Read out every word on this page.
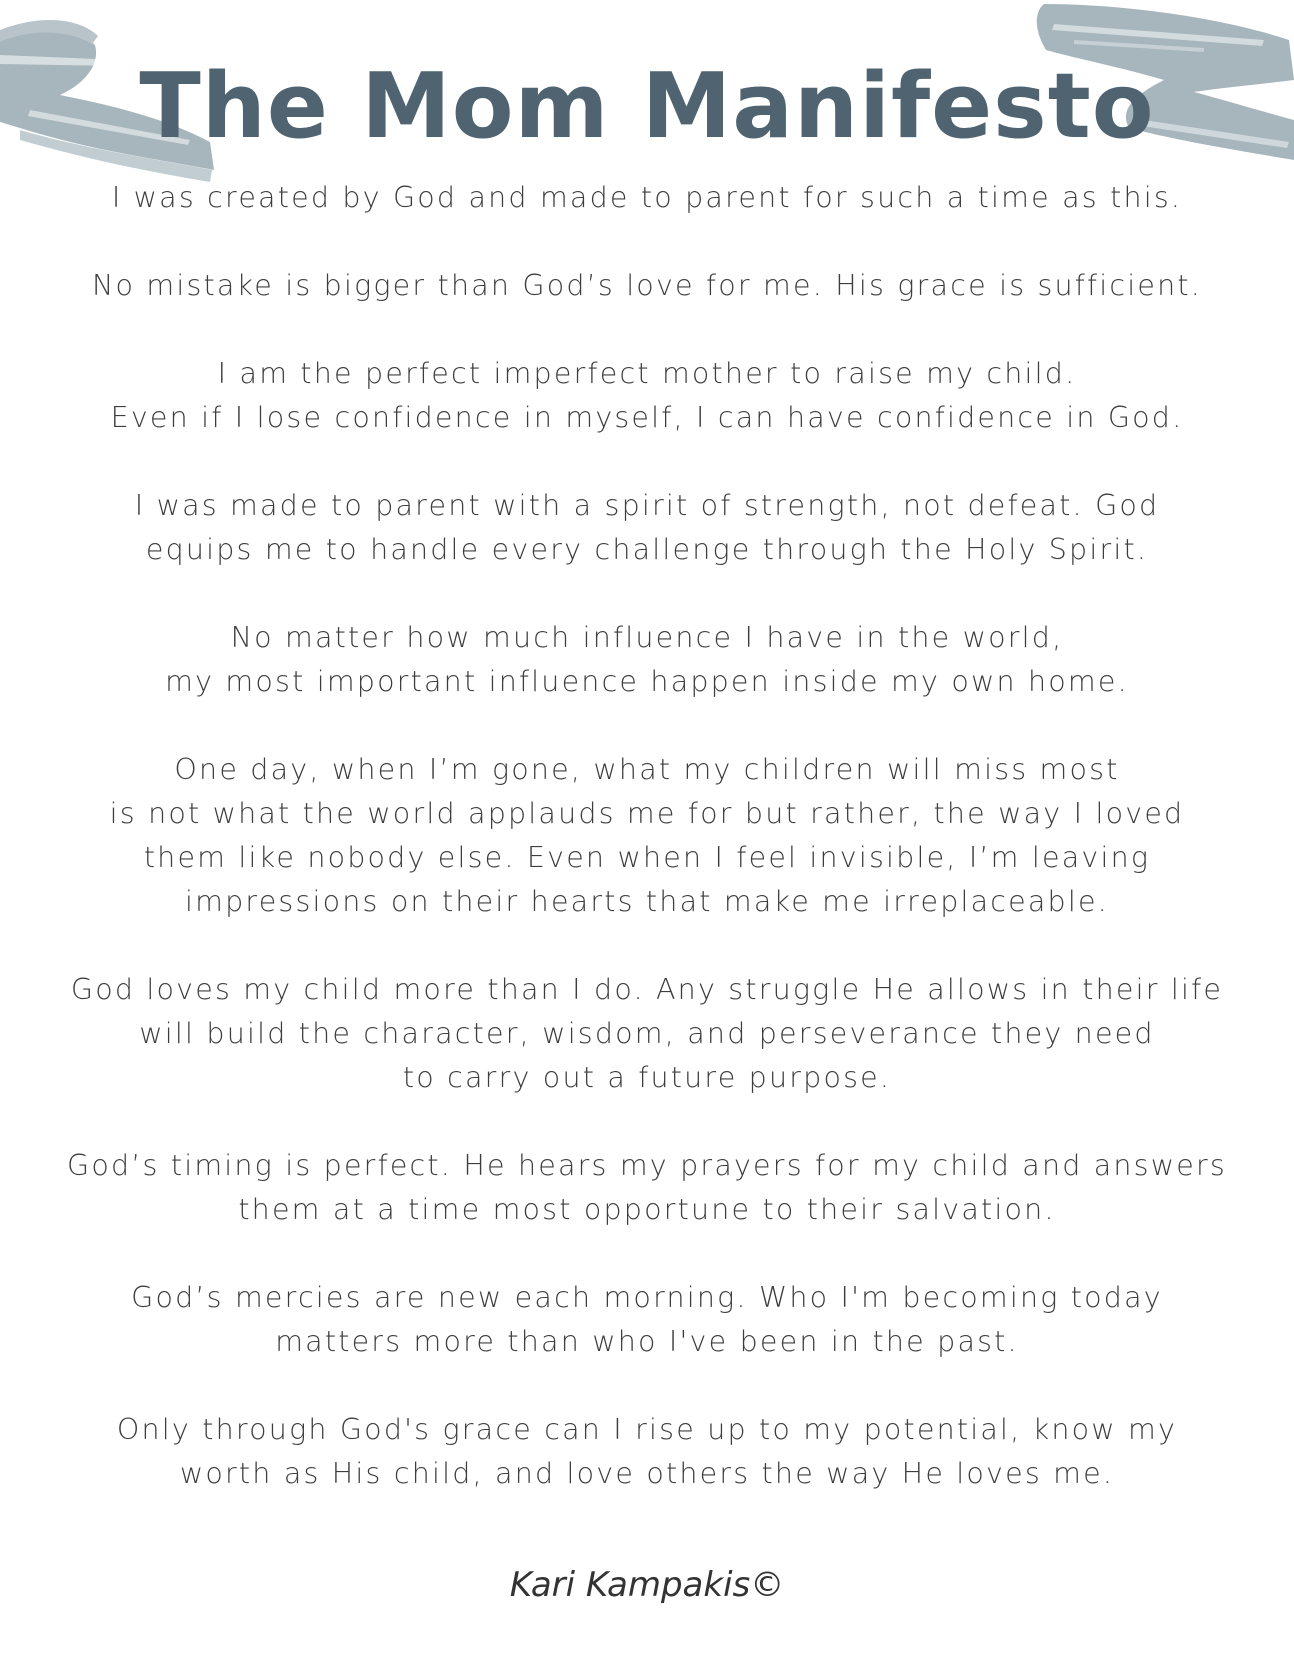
The Mom Manifesto
I was created by God and made to parent for such a time as this.
No mistake is bigger than God’s love for me. His grace is sufficient.
I am the perfect imperfect mother to raise my child.
Even if I lose confidence in myself, I can have confidence in God.
I was made to parent with a spirit of strength, not defeat. God
equips me to handle every challenge through the Holy Spirit.
No matter how much influence I have in the world,
my most important influence happen inside my own home.
One day, when I’m gone, what my children will miss most
is not what the world applauds me for but rather, the way I loved
them like nobody else. Even when I feel invisible, I’m leaving
impressions on their hearts that make me irreplaceable.
God loves my child more than I do. Any struggle He allows in their life
will build the character, wisdom, and perseverance they need
to carry out a future purpose.
God’s timing is perfect. He hears my prayers for my child and answers
them at a time most opportune to their salvation.
God’s mercies are new each morning. Who I'm becoming today
matters more than who I've been in the past.
Only through God's grace can I rise up to my potential, know my
worth as His child, and love others the way He loves me.
Kari Kampakis©
